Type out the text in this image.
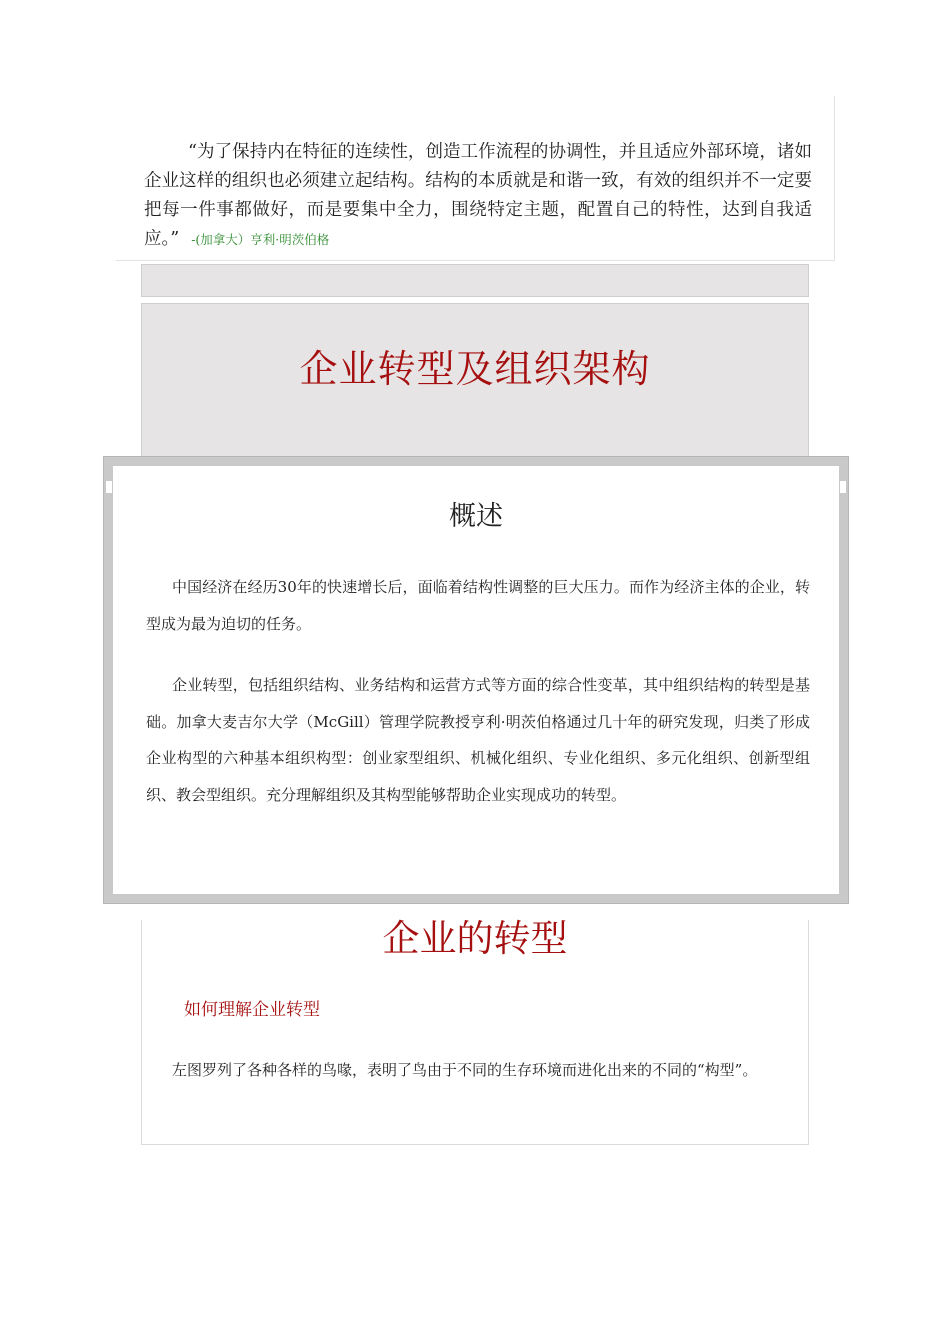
“为了保持内在特征的连续性，创造工作流程的协调性，并且适应外部环境，诸如企业这样的组织也必须建立起结构。结构的本质就是和谐一致，有效的组织并不一定要把每一件事都做好，而是要集中全力，围绕特定主题，配置自己的特性，达到自我适应。” -(加拿大）亨利·明茨伯格

企业转型及组织架构
概述

中国经济在经历30年的快速增长后，面临着结构性调整的巨大压力。而作为经济主体的企业，转型成为最为迫切的任务。

企业转型，包括组织结构、业务结构和运营方式等方面的综合性变革，其中组织结构的转型是基础。加拿大麦吉尔大学（McGill）管理学院教授亨利·明茨伯格通过几十年的研究发现，归类了形成企业构型的六种基本组织构型：创业家型组织、机械化组织、专业化组织、多元化组织、创新型组织、教会型组织。充分理解组织及其构型能够帮助企业实现成功的转型。

企业的转型
如何理解企业转型

左图罗列了各种各样的鸟喙，表明了鸟由于不同的生存环境而进化出来的不同的“构型”。
